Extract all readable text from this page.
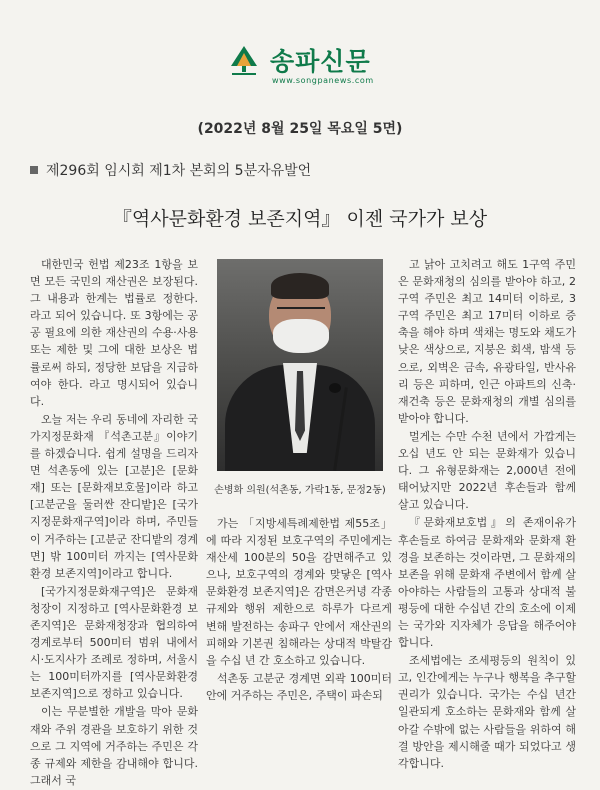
송파신문
www.songpanews.com
(2022년 8월 25일 목요일 5면)
제296회 임시회 제1차 본회의 5분자유발언
『역사문화환경 보존지역』 이젠 국가가 보상

대한민국 헌법 제23조 1항을 보면 모든 국민의 재산권은 보장된다. 그 내용과 한계는 법률로 정한다. 라고 되어 있습니다. 또 3항에는 공공 필요에 의한 재산권의 수용·사용 또는 제한 및 그에 대한 보상은 법률로써 하되, 정당한 보답을 지급하여야 한다. 라고 명시되어 있습니다.

오늘 저는 우리 동네에 자리한 국가지정문화재 『석촌고분』이야기를 하겠습니다. 쉽게 설명을 드리자면 석촌동에 있는 [고분]은 [문화재] 또는 [문화재보호물]이라 하고 [고분군을 둘러싼 잔디밭]은 [국가지정문화재구역]이라 하며, 주민들이 거주하는 [고분군 잔디밭의 경계면] 밖 100미터 까지는 [역사문화환경 보존지역]이라고 합니다.

[국가지정문화재구역]은 문화재청장이 지정하고 [역사문화환경 보존지역]은 문화재청장과 협의하여 경계로부터 500미터 범위 내에서 시·도지사가 조례로 정하며, 서울시는 100미터까지를 [역사문화환경 보존지역]으로 정하고 있습니다.

이는 무분별한 개발을 막아 문화재와 주위 경관을 보호하기 위한 것으로 그 지역에 거주하는 주민은 각종 규제와 제한을 감내해야 합니다. 그래서 국

손병화 의원(석촌동, 가락1동, 문정2동)

가는 「지방세특례제한법 제55조」에 따라 지정된 보호구역의 주민에게는 재산세 100분의 50을 감면해주고 있으나, 보호구역의 경계와 맞닿은 [역사문화환경 보존지역]은 감면은커녕 각종 규제와 행위 제한으로 하루가 다르게 변해 발전하는 송파구 안에서 재산권의 피해와 기본권 침해라는 상대적 박탈감을 수십 년 간 호소하고 있습니다.

석촌동 고분군 경계면 외곽 100미터 안에 거주하는 주민은, 주택이 파손되

고 낡아 고치려고 해도 1구역 주민은 문화재청의 심의를 받아야 하고, 2구역 주민은 최고 14미터 이하로, 3구역 주민은 최고 17미터 이하로 증축을 해야 하며 색채는 명도와 채도가 낮은 색상으로, 지붕은 회색, 밤색 등으로, 외벽은 금속, 유광타일, 반사유리 등은 피하며, 인근 아파트의 신축·재건축 등은 문화재청의 개별 심의를 받아야 합니다.

멀게는 수만 수천 년에서 가깝게는 오십 년도 안 되는 문화재가 있습니다. 그 유형문화재는 2,000년 전에 태어났지만 2022년 후손들과 함께 살고 있습니다.

『문화재보호법』의 존재이유가 후손들로 하여금 문화재와 문화재 환경을 보존하는 것이라면, 그 문화재의 보존을 위해 문화재 주변에서 함께 살아야하는 사람들의 고통과 상대적 불평등에 대한 수십년 간의 호소에 이제는 국가와 지자체가 응답을 해주어야 합니다.

조세법에는 조세평등의 원칙이 있고, 인간에게는 누구나 행복을 추구할 권리가 있습니다. 국가는 수십 년간 일관되게 호소하는 문화재와 함께 살아갈 수밖에 없는 사람들을 위하여 해결 방안을 제시해줄 때가 되었다고 생각합니다.
